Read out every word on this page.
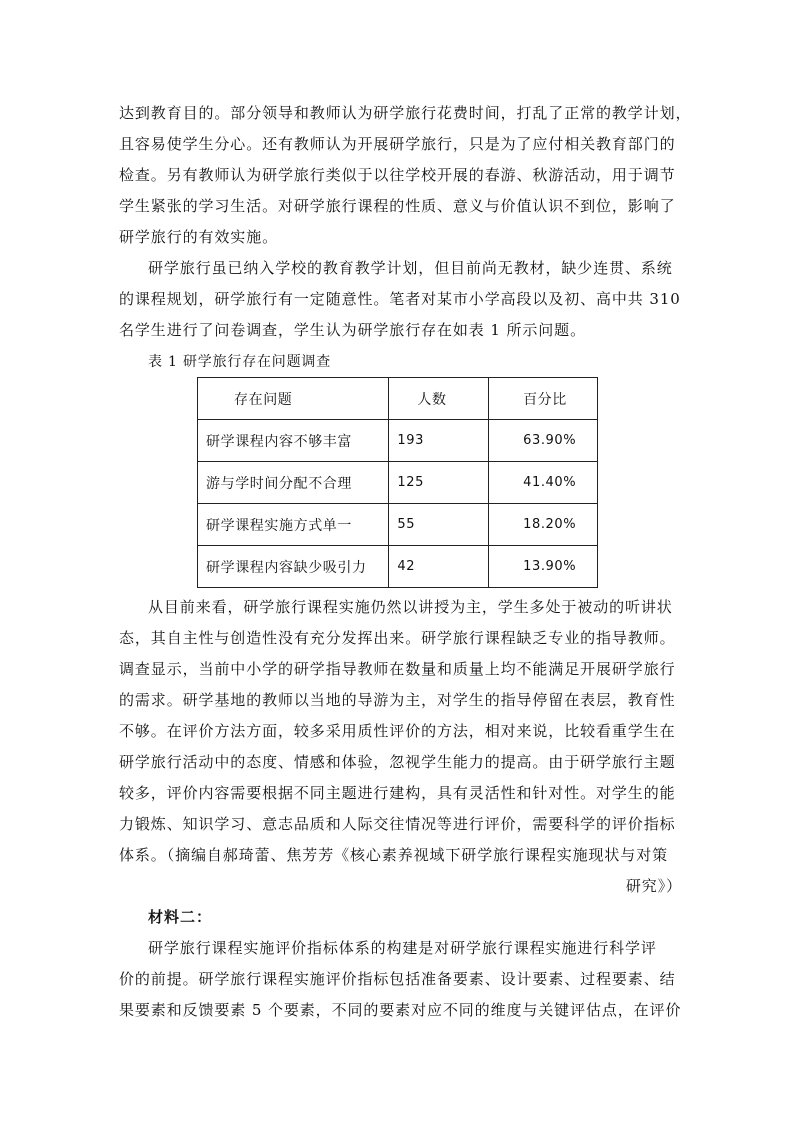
达到教育目的。部分领导和教师认为研学旅行花费时间，打乱了正常的教学计划，
且容易使学生分心。还有教师认为开展研学旅行，只是为了应付相关教育部门的
检查。另有教师认为研学旅行类似于以往学校开展的春游、秋游活动，用于调节
学生紧张的学习生活。对研学旅行课程的性质、意义与价值认识不到位，影响了
研学旅行的有效实施。
研学旅行虽已纳入学校的教育教学计划，但目前尚无教材，缺少连贯、系统
的课程规划，研学旅行有一定随意性。笔者对某市小学高段以及初、高中共 310
名学生进行了问卷调查，学生认为研学旅行存在如表 1 所示问题。
表 1 研学旅行存在问题调查
存在问题	人数	百分比
研学课程内容不够丰富	193	63.90%
游与学时间分配不合理	125	41.40%
研学课程实施方式单一	55	18.20%
研学课程内容缺少吸引力	42	13.90%
从目前来看，研学旅行课程实施仍然以讲授为主，学生多处于被动的听讲状
态，其自主性与创造性没有充分发挥出来。研学旅行课程缺乏专业的指导教师。
调查显示，当前中小学的研学指导教师在数量和质量上均不能满足开展研学旅行
的需求。研学基地的教师以当地的导游为主，对学生的指导停留在表层，教育性
不够。在评价方法方面，较多采用质性评价的方法，相对来说，比较看重学生在
研学旅行活动中的态度、情感和体验，忽视学生能力的提高。由于研学旅行主题
较多，评价内容需要根据不同主题进行建构，具有灵活性和针对性。对学生的能
力锻炼、知识学习、意志品质和人际交往情况等进行评价，需要科学的评价指标
体系。（摘编自郝琦蕾、焦芳芳《核心素养视域下研学旅行课程实施现状与对策
研究》）
材料二：
研学旅行课程实施评价指标体系的构建是对研学旅行课程实施进行科学评
价的前提。研学旅行课程实施评价指标包括准备要素、设计要素、过程要素、结
果要素和反馈要素 5 个要素，不同的要素对应不同的维度与关键评估点，在评价
